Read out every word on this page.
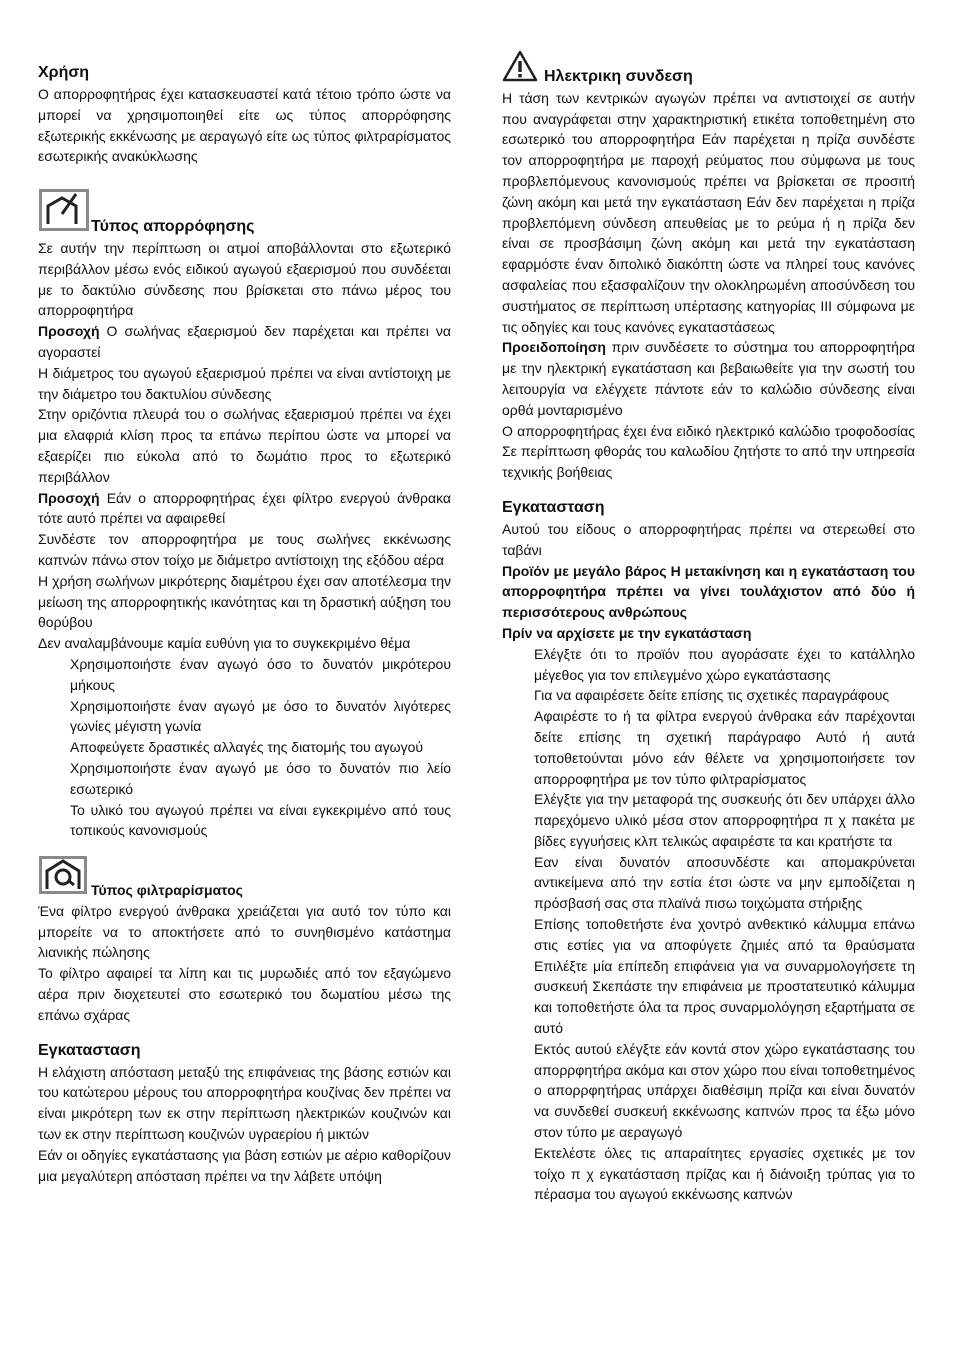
Χρήση

Ο απορροφητήρας έχει κατασκευαστεί κατά τέτοιο τρόπο ώστε να μπορεί να χρησιμοποιηθεί είτε ως τύπος απορρόφησης εξωτερικής εκκένωσης με αεραγωγό είτε ως τύπος φιλτραρίσματος εσωτερικής ανακύκλωσης

Τύπος απορρόφησης

Σε αυτήν την περίπτωση οι ατμοί αποβάλλονται στο εξωτερικό περιβάλλον μέσω ενός ειδικού αγωγού εξαερισμού που συνδέεται με το δακτύλιο σύνδεσης που βρίσκεται στο πάνω μέρος του απορροφητήρα

Προσοχή Ο σωλήνας εξαερισμού δεν παρέχεται και πρέπει να αγοραστεί

Η διάμετρος του αγωγού εξαερισμού πρέπει να είναι αντίστοιχη με την διάμετρο του δακτυλίου σύνδεσης

Στην οριζόντια πλευρά του ο σωλήνας εξαερισμού πρέπει να έχει μια ελαφριά κλίση προς τα επάνω περίπου ώστε να μπορεί να εξαερίζει πιο εύκολα από το δωμάτιο προς το εξωτερικό περιβάλλον

Προσοχή Εάν ο απορροφητήρας έχει φίλτρο ενεργού άνθρακα τότε αυτό πρέπει να αφαιρεθεί

Συνδέστε τον απορροφητήρα με τους σωλήνες εκκένωσης καπνών πάνω στον τοίχο με διάμετρο αντίστοιχη της εξόδου αέρα

Η χρήση σωλήνων μικρότερης διαμέτρου έχει σαν αποτέλεσμα την μείωση της απορροφητικής ικανότητας και τη δραστική αύξηση του θορύβου

Δεν αναλαμβάνουμε καμία ευθύνη για το συγκεκριμένο θέμα

Χρησιμοποιήστε έναν αγωγό όσο το δυνατόν μικρότερου μήκους

Χρησιμοποιήστε έναν αγωγό με όσο το δυνατόν λιγότερες γωνίες μέγιστη γωνία

Αποφεύγετε δραστικές αλλαγές της διατομής του αγωγού

Χρησιμοποιήστε έναν αγωγό με όσο το δυνατόν πιο λείο εσωτερικό

Το υλικό του αγωγού πρέπει να είναι εγκεκριμένο από τους τοπικούς κανονισμούς

Τύπος φιλτραρίσματος

Ένα φίλτρο ενεργού άνθρακα χρειάζεται για αυτό τον τύπο και μπορείτε να το αποκτήσετε από το συνηθισμένο κατάστημα λιανικής πώλησης

Το φίλτρο αφαιρεί τα λίπη και τις μυρωδιές από τον εξαγώμενο αέρα πριν διοχετευτεί στο εσωτερικό του δωματίου μέσω της επάνω σχάρας

Εγκατασταση

Η ελάχιστη απόσταση μεταξύ της επιφάνειας της βάσης εστιών και του κατώτερου μέρους του απορροφητήρα κουζίνας δεν πρέπει να είναι μικρότερη των εκ στην περίπτωση ηλεκτρικών κουζινών και των εκ στην περίπτωση κουζινών υγραερίου ή μικτών

Εάν οι οδηγίες εγκατάστασης για βάση εστιών με αέριο καθορίζουν μια μεγαλύτερη απόσταση πρέπει να την λάβετε υπόψη

Ηλεκτρικη συνδεση

Η τάση των κεντρικών αγωγών πρέπει να αντιστοιχεί σε αυτήν που αναγράφεται στην χαρακτηριστική ετικέτα τοποθετημένη στο εσωτερικό του απορροφητήρα Εάν παρέχεται η πρίζα συνδέστε τον απορροφητήρα με παροχή ρεύματος που σύμφωνα με τους προβλεπόμενους κανονισμούς πρέπει να βρίσκεται σε προσιτή ζώνη ακόμη και μετά την εγκατάσταση Εάν δεν παρέχεται η πρίζα προβλεπόμενη σύνδεση απευθείας με το ρεύμα ή η πρίζα δεν είναι σε προσβάσιμη ζώνη ακόμη και μετά την εγκατάσταση εφαρμόστε έναν διπολικό διακόπτη ώστε να πληρεί τους κανόνες ασφαλείας που εξασφαλίζουν την ολοκληρωμένη αποσύνδεση του συστήματος σε περίπτωση υπέρτασης κατηγορίας ΙΙΙ σύμφωνα με τις οδηγίες και τους κανόνες εγκαταστάσεως

Προειδοποίηση πριν συνδέσετε το σύστημα του απορροφητήρα με την ηλεκτρική εγκατάσταση και βεβαιωθείτε για την σωστή του λειτουργία να ελέγχετε πάντοτε εάν το καλώδιο σύνδεσης είναι ορθά μονταρισμένο

Ο απορροφητήρας έχει ένα ειδικό ηλεκτρικό καλώδιο τροφοδοσίας Σε περίπτωση φθοράς του καλωδίου ζητήστε το από την υπηρεσία τεχνικής βοήθειας

Εγκατασταση

Αυτού του είδους ο απορροφητήρας πρέπει να στερεωθεί στο ταβάνι

Προϊόν με μεγάλο βάρος Η μετακίνηση και η εγκατάσταση του απορροφητήρα πρέπει να γίνει τουλάχιστον από δύο ή περισσότερους ανθρώπους

Πρίν να αρχίσετε με την εγκατάσταση

Ελέγξτε ότι το προϊόν που αγοράσατε έχει το κατάλληλο μέγεθος για τον επιλεγμένο χώρο εγκατάστασης

Για να αφαιρέσετε δείτε επίσης τις σχετικές παραγράφους

Αφαιρέστε το ή τα φίλτρα ενεργού άνθρακα εάν παρέχονται δείτε επίσης τη σχετική παράγραφο Αυτό ή αυτά τοποθετούνται μόνο εάν θέλετε να χρησιμοποιήσετε τον απορροφητήρα με τον τύπο φιλτραρίσματος

Ελέγξτε για την μεταφορά της συσκευής ότι δεν υπάρχει άλλο παρεχόμενο υλικό μέσα στον απορροφητήρα π χ πακέτα με βίδες εγγυήσεις κλπ τελικώς αφαιρέστε τα και κρατήστε τα

Εαν είναι δυνατόν αποσυνδέστε και απομακρύνεται αντικείμενα από την εστία έτσι ώστε να μην εμποδίζεται η πρόσβασή σας στα πλαϊνά πισω τοιχώματα στήριξης

Επίσης τοποθετήστε ένα χοντρό ανθεκτικό κάλυμμα επάνω στις εστίες για να αποφύγετε ζημιές από τα θραύσματα Επιλέξτε μία επίπεδη επιφάνεια για να συναρμολογήσετε τη συσκευή Σκεπάστε την επιφάνεια με προστατευτικό κάλυμμα και τοποθετήστε όλα τα προς συναρμολόγηση εξαρτήματα σε αυτό

Εκτός αυτού ελέγξτε εάν κοντά στον χώρο εγκατάστασης του απορρφητήρα ακόμα και στον χώρο που είναι τοποθετημένος ο απορρφητήρας υπάρχει διαθέσιμη πρίζα και είναι δυνατόν να συνδεθεί συσκευή εκκένωσης καπνών προς τα έξω μόνο στον τύπο με αεραγωγό

Εκτελέστε όλες τις απαραίτητες εργασίες σχετικές με τον τοίχο π χ εγκατάσταση πρίζας και ή διάνοιξη τρύπας για το πέρασμα του αγωγού εκκένωσης καπνών
